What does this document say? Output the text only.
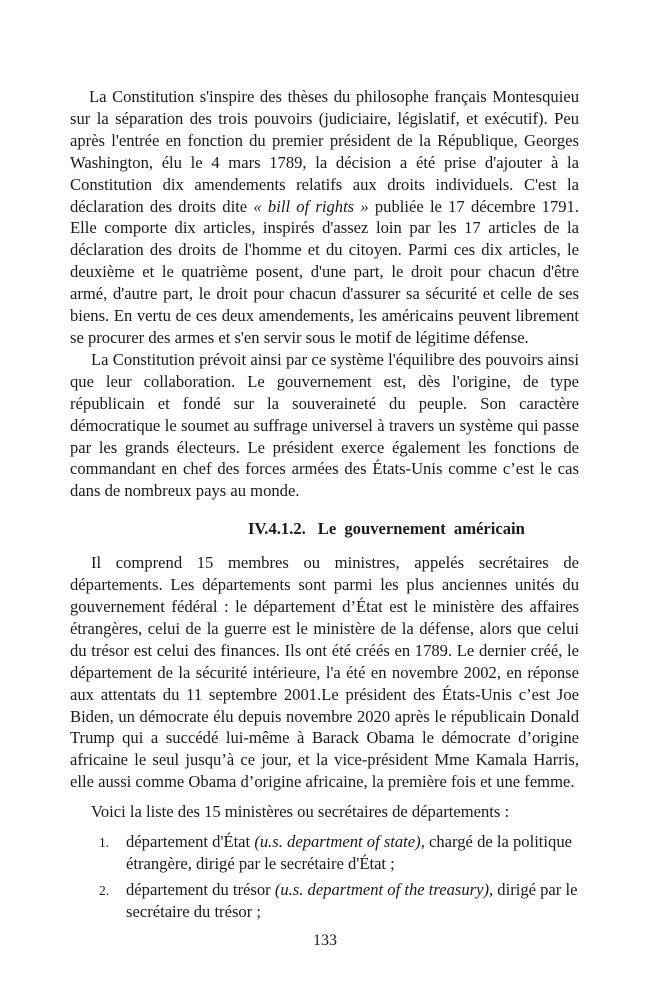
La Constitution s'inspire des thèses du philosophe français Montesquieu sur la séparation des trois pouvoirs (judiciaire, législatif, et exécutif). Peu après l'entrée en fonction du premier président de la République, Georges Washington, élu le 4 mars 1789, la décision a été prise d'ajouter à la Constitution dix amendements relatifs aux droits individuels. C'est la déclaration des droits dite « bill of rights » publiée le 17 décembre 1791. Elle comporte dix articles, inspirés d'assez loin par les 17 articles de la déclaration des droits de l'homme et du citoyen. Parmi ces dix articles, le deuxième et le quatrième posent, d'une part, le droit pour chacun d'être armé, d'autre part, le droit pour chacun d'assurer sa sécurité et celle de ses biens. En vertu de ces deux amendements, les américains peuvent librement se procurer des armes et s'en servir sous le motif de légitime défense.

La Constitution prévoit ainsi par ce système l'équilibre des pouvoirs ainsi que leur collaboration. Le gouvernement est, dès l'origine, de type républicain et fondé sur la souveraineté du peuple. Son caractère démocratique le soumet au suffrage universel à travers un système qui passe par les grands électeurs. Le président exerce également les fonctions de commandant en chef des forces armées des États-Unis comme c’est le cas dans de nombreux pays au monde.

IV.4.1.2. Le gouvernement américain

Il comprend 15 membres ou ministres, appelés secrétaires de départements. Les départements sont parmi les plus anciennes unités du gouvernement fédéral : le département d’État est le ministère des affaires étrangères, celui de la guerre est le ministère de la défense, alors que celui du trésor est celui des finances. Ils ont été créés en 1789. Le dernier créé, le département de la sécurité intérieure, l'a été en novembre 2002, en réponse aux attentats du 11 septembre 2001.Le président des États-Unis c’est Joe Biden, un démocrate élu depuis novembre 2020 après le républicain Donald Trump qui a succédé lui-même à Barack Obama le démocrate d’origine africaine le seul jusqu’à ce jour, et la vice-président Mme Kamala Harris, elle aussi comme Obama d’origine africaine, la première fois et une femme.

Voici la liste des 15 ministères ou secrétaires de départements :

1. département d'État (u.s. department of state), chargé de la politique étrangère, dirigé par le secrétaire d'État ;
2. département du trésor (u.s. department of the treasury), dirigé par le secrétaire du trésor ;
133
